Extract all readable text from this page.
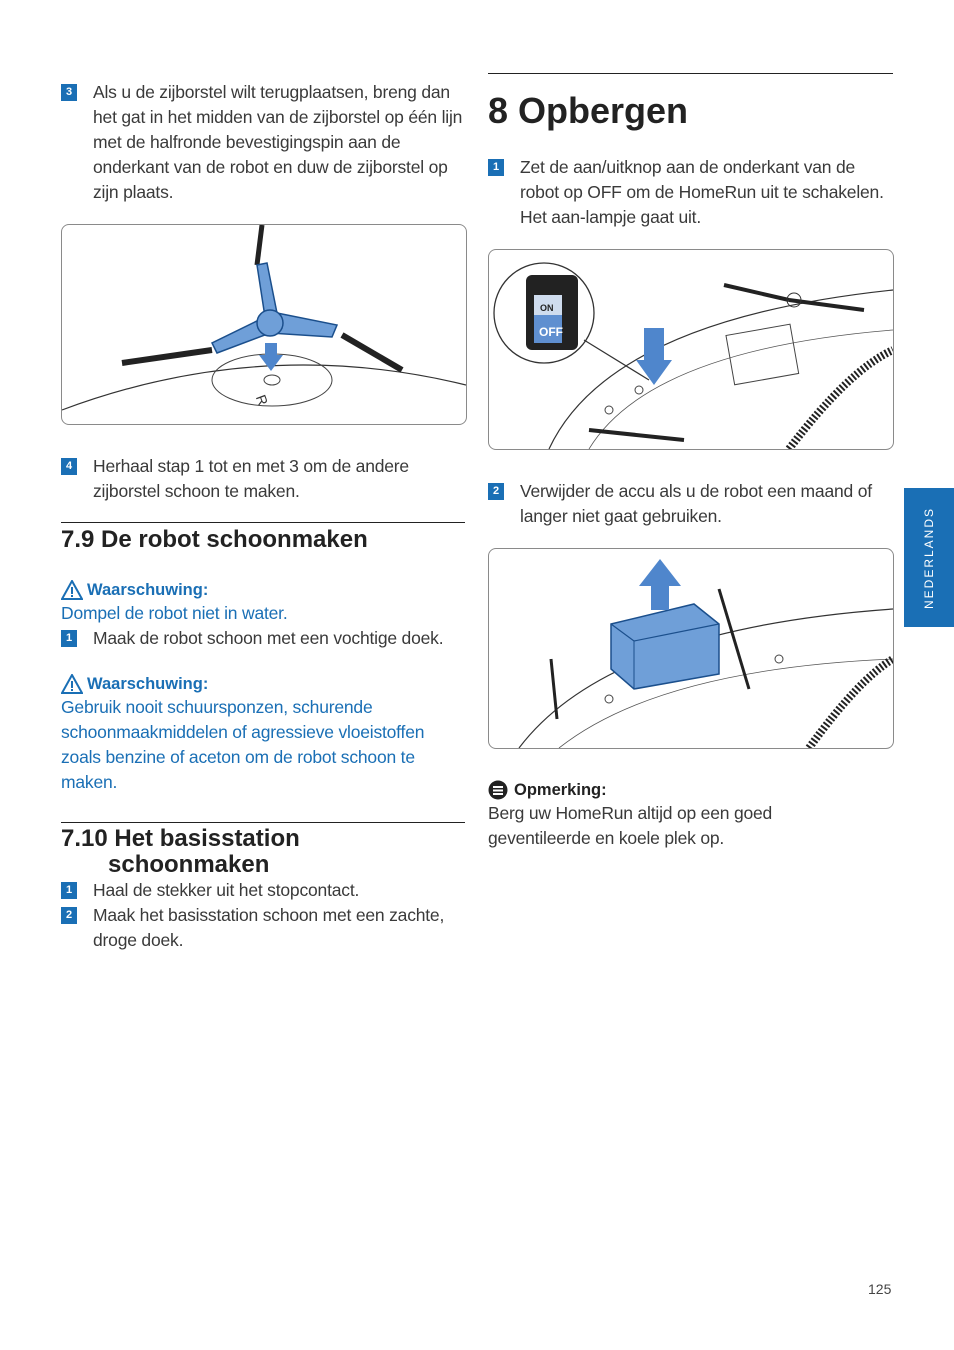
3 Als u de zijborstel wilt terugplaatsen, breng dan het gat in het midden van de zijborstel op één lijn met de halfronde bevestigingspin aan de onderkant van de robot en duw de zijborstel op zijn plaats.
R
4 Herhaal stap 1 tot en met 3 om de andere zijborstel schoon te maken.
7.9 De robot schoonmaken
Waarschuwing:
Dompel de robot niet in water.
1 Maak de robot schoon met een vochtige doek.
Waarschuwing:
Gebruik nooit schuursponzen, schurende schoonmaakmiddelen of agressieve vloeistoffen zoals benzine of aceton om de robot schoon te maken.
7.10 Het basisstation
schoonmaken
1 Haal de stekker uit het stopcontact.
2 Maak het basisstation schoon met een zachte, droge doek.
8 Opbergen
1 Zet de aan/uitknop aan de onderkant van de robot op OFF om de HomeRun uit te schakelen. Het aan-lampje gaat uit.
ON
OFF
2 Verwijder de accu als u de robot een maand of langer niet gaat gebruiken.
Opmerking:
Berg uw HomeRun altijd op een goed geventileerde en koele plek op.
NEDERLANDS
125
